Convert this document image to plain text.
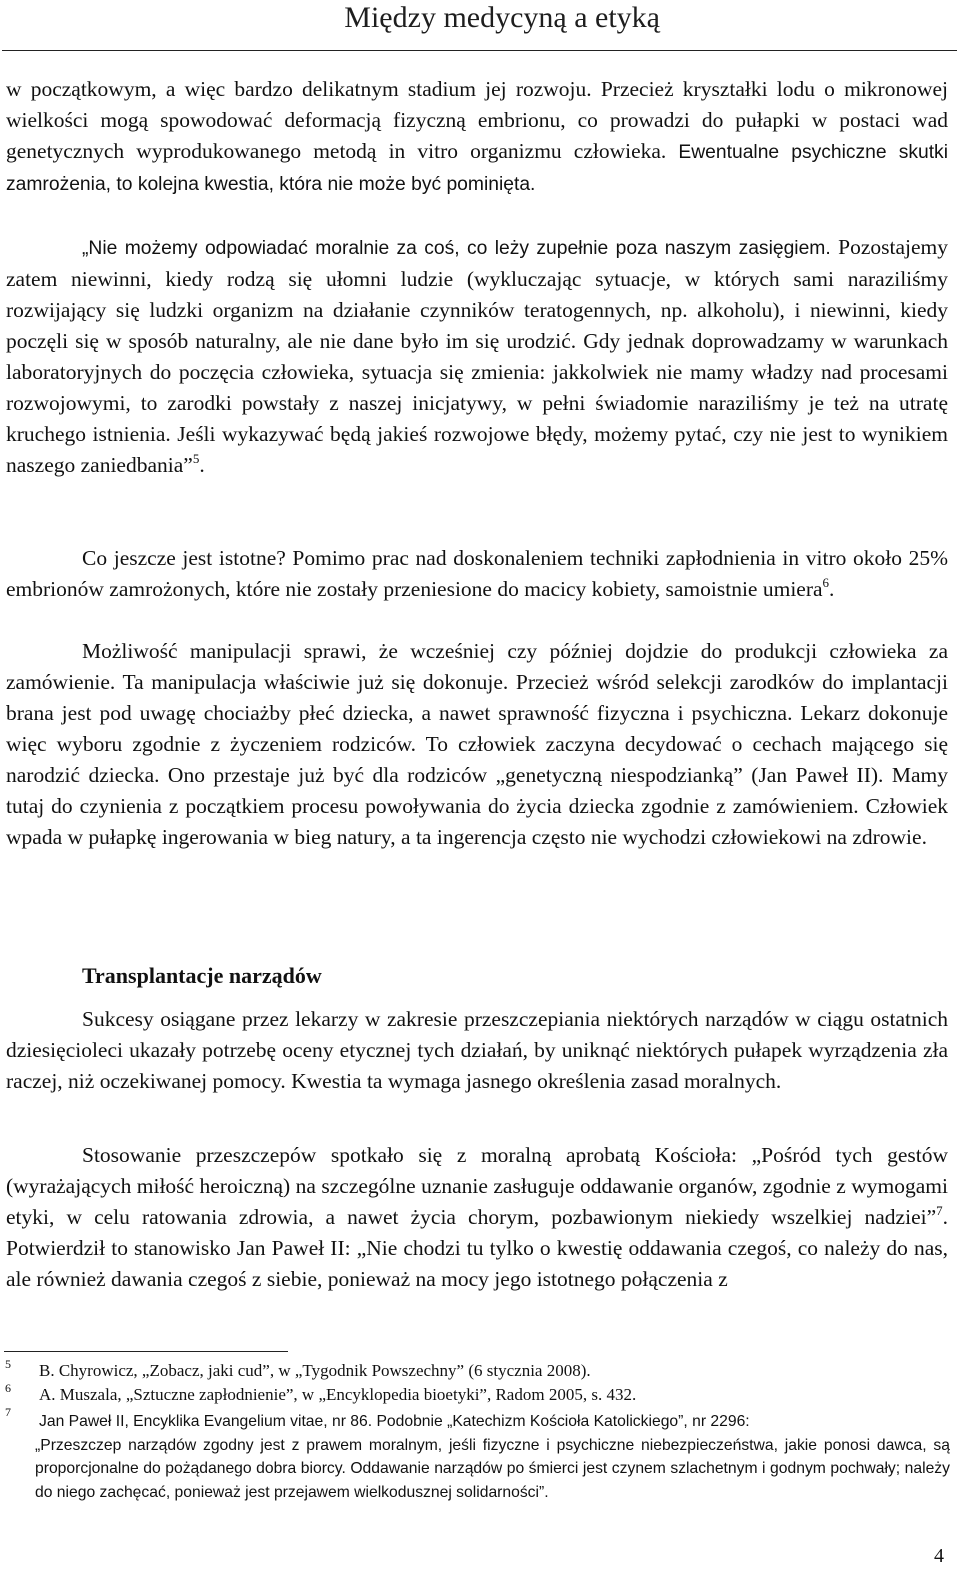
Między medycyną a etyką

w początkowym, a więc bardzo delikatnym stadium jej rozwoju. Przecież kryształki lodu o mikronowej wielkości mogą spowodować deformacją fizyczną embrionu, co prowadzi do pułapki w postaci wad genetycznych wyprodukowanego metodą in vitro organizmu człowieka. Ewentualne psychiczne skutki zamrożenia, to kolejna kwestia, która nie może być pominięta.

„Nie możemy odpowiadać moralnie za coś, co leży zupełnie poza naszym zasięgiem. Pozostajemy zatem niewinni, kiedy rodzą się ułomni ludzie (wykluczając sytuacje, w których sami naraziliśmy rozwijający się ludzki organizm na działanie czynników teratogennych, np. alkoholu), i niewinni, kiedy poczęli się w sposób naturalny, ale nie dane było im się urodzić. Gdy jednak doprowadzamy w warunkach laboratoryjnych do poczęcia człowieka, sytuacja się zmienia: jakkolwiek nie mamy władzy nad procesami rozwojowymi, to zarodki powstały z naszej inicjatywy, w pełni świadomie naraziliśmy je też na utratę kruchego istnienia. Jeśli wykazywać będą jakieś rozwojowe błędy, możemy pytać, czy nie jest to wynikiem naszego zaniedbania”$^5$.

Co jeszcze jest istotne? Pomimo prac nad doskonaleniem techniki zapłodnienia in vitro około 25% embrionów zamrożonych, które nie zostały przeniesione do macicy kobiety, samoistnie umiera$^6$.

Możliwość manipulacji sprawi, że wcześniej czy później dojdzie do produkcji człowieka za zamówienie. Ta manipulacja właściwie już się dokonuje. Przecież wśród selekcji zarodków do implantacji brana jest pod uwagę chociażby płeć dziecka, a nawet sprawność fizyczna i psychiczna. Lekarz dokonuje więc wyboru zgodnie z życzeniem rodziców. To człowiek zaczyna decydować o cechach mającego się narodzić dziecka. Ono przestaje już być dla rodziców „genetyczną niespodzianką” (Jan Paweł II). Mamy tutaj do czynienia z początkiem procesu powoływania do życia dziecka zgodnie z zamówieniem. Człowiek wpada w pułapkę ingerowania w bieg natury, a ta ingerencja często nie wychodzi człowiekowi na zdrowie.

Transplantacje narządów

Sukcesy osiągane przez lekarzy w zakresie przeszczepiania niektórych narządów w ciągu ostatnich dziesięcioleci ukazały potrzebę oceny etycznej tych działań, by uniknąć niektórych pułapek wyrządzenia zła raczej, niż oczekiwanej pomocy. Kwestia ta wymaga jasnego określenia zasad moralnych.

Stosowanie przeszczepów spotkało się z moralną aprobatą Kościoła: „Pośród tych gestów (wyrażających miłość heroiczną) na szczególne uznanie zasługuje oddawanie organów, zgodnie z wymogami etyki, w celu ratowania zdrowia, a nawet życia chorym, pozbawionym niekiedy wszelkiej nadziei”$^7$. Potwierdził to stanowisko Jan Paweł II: „Nie chodzi tu tylko o kwestię oddawania czegoś, co należy do nas, ale również dawania czegoś z siebie, ponieważ na mocy jego istotnego połączenia z

5 B. Chyrowicz, „Zobacz, jaki cud”, w „Tygodnik Powszechny” (6 stycznia 2008).
6 A. Muszala, „Sztuczne zapłodnienie”, w „Encyklopedia bioetyki”, Radom 2005, s. 432.
7

Jan Paweł II, Encyklika Evangelium vitae, nr 86. Podobnie „Katechizm Kościoła Katolickiego”, nr 2296:
„Przeszczep narządów zgodny jest z prawem moralnym, jeśli fizyczne i psychiczne niebezpieczeństwa, jakie ponosi dawca, są proporcjonalne do pożądanego dobra biorcy. Oddawanie narządów po śmierci jest czynem szlachetnym i godnym pochwały; należy do niego zachęcać, ponieważ jest przejawem wielkodusznej solidarności”.

4
